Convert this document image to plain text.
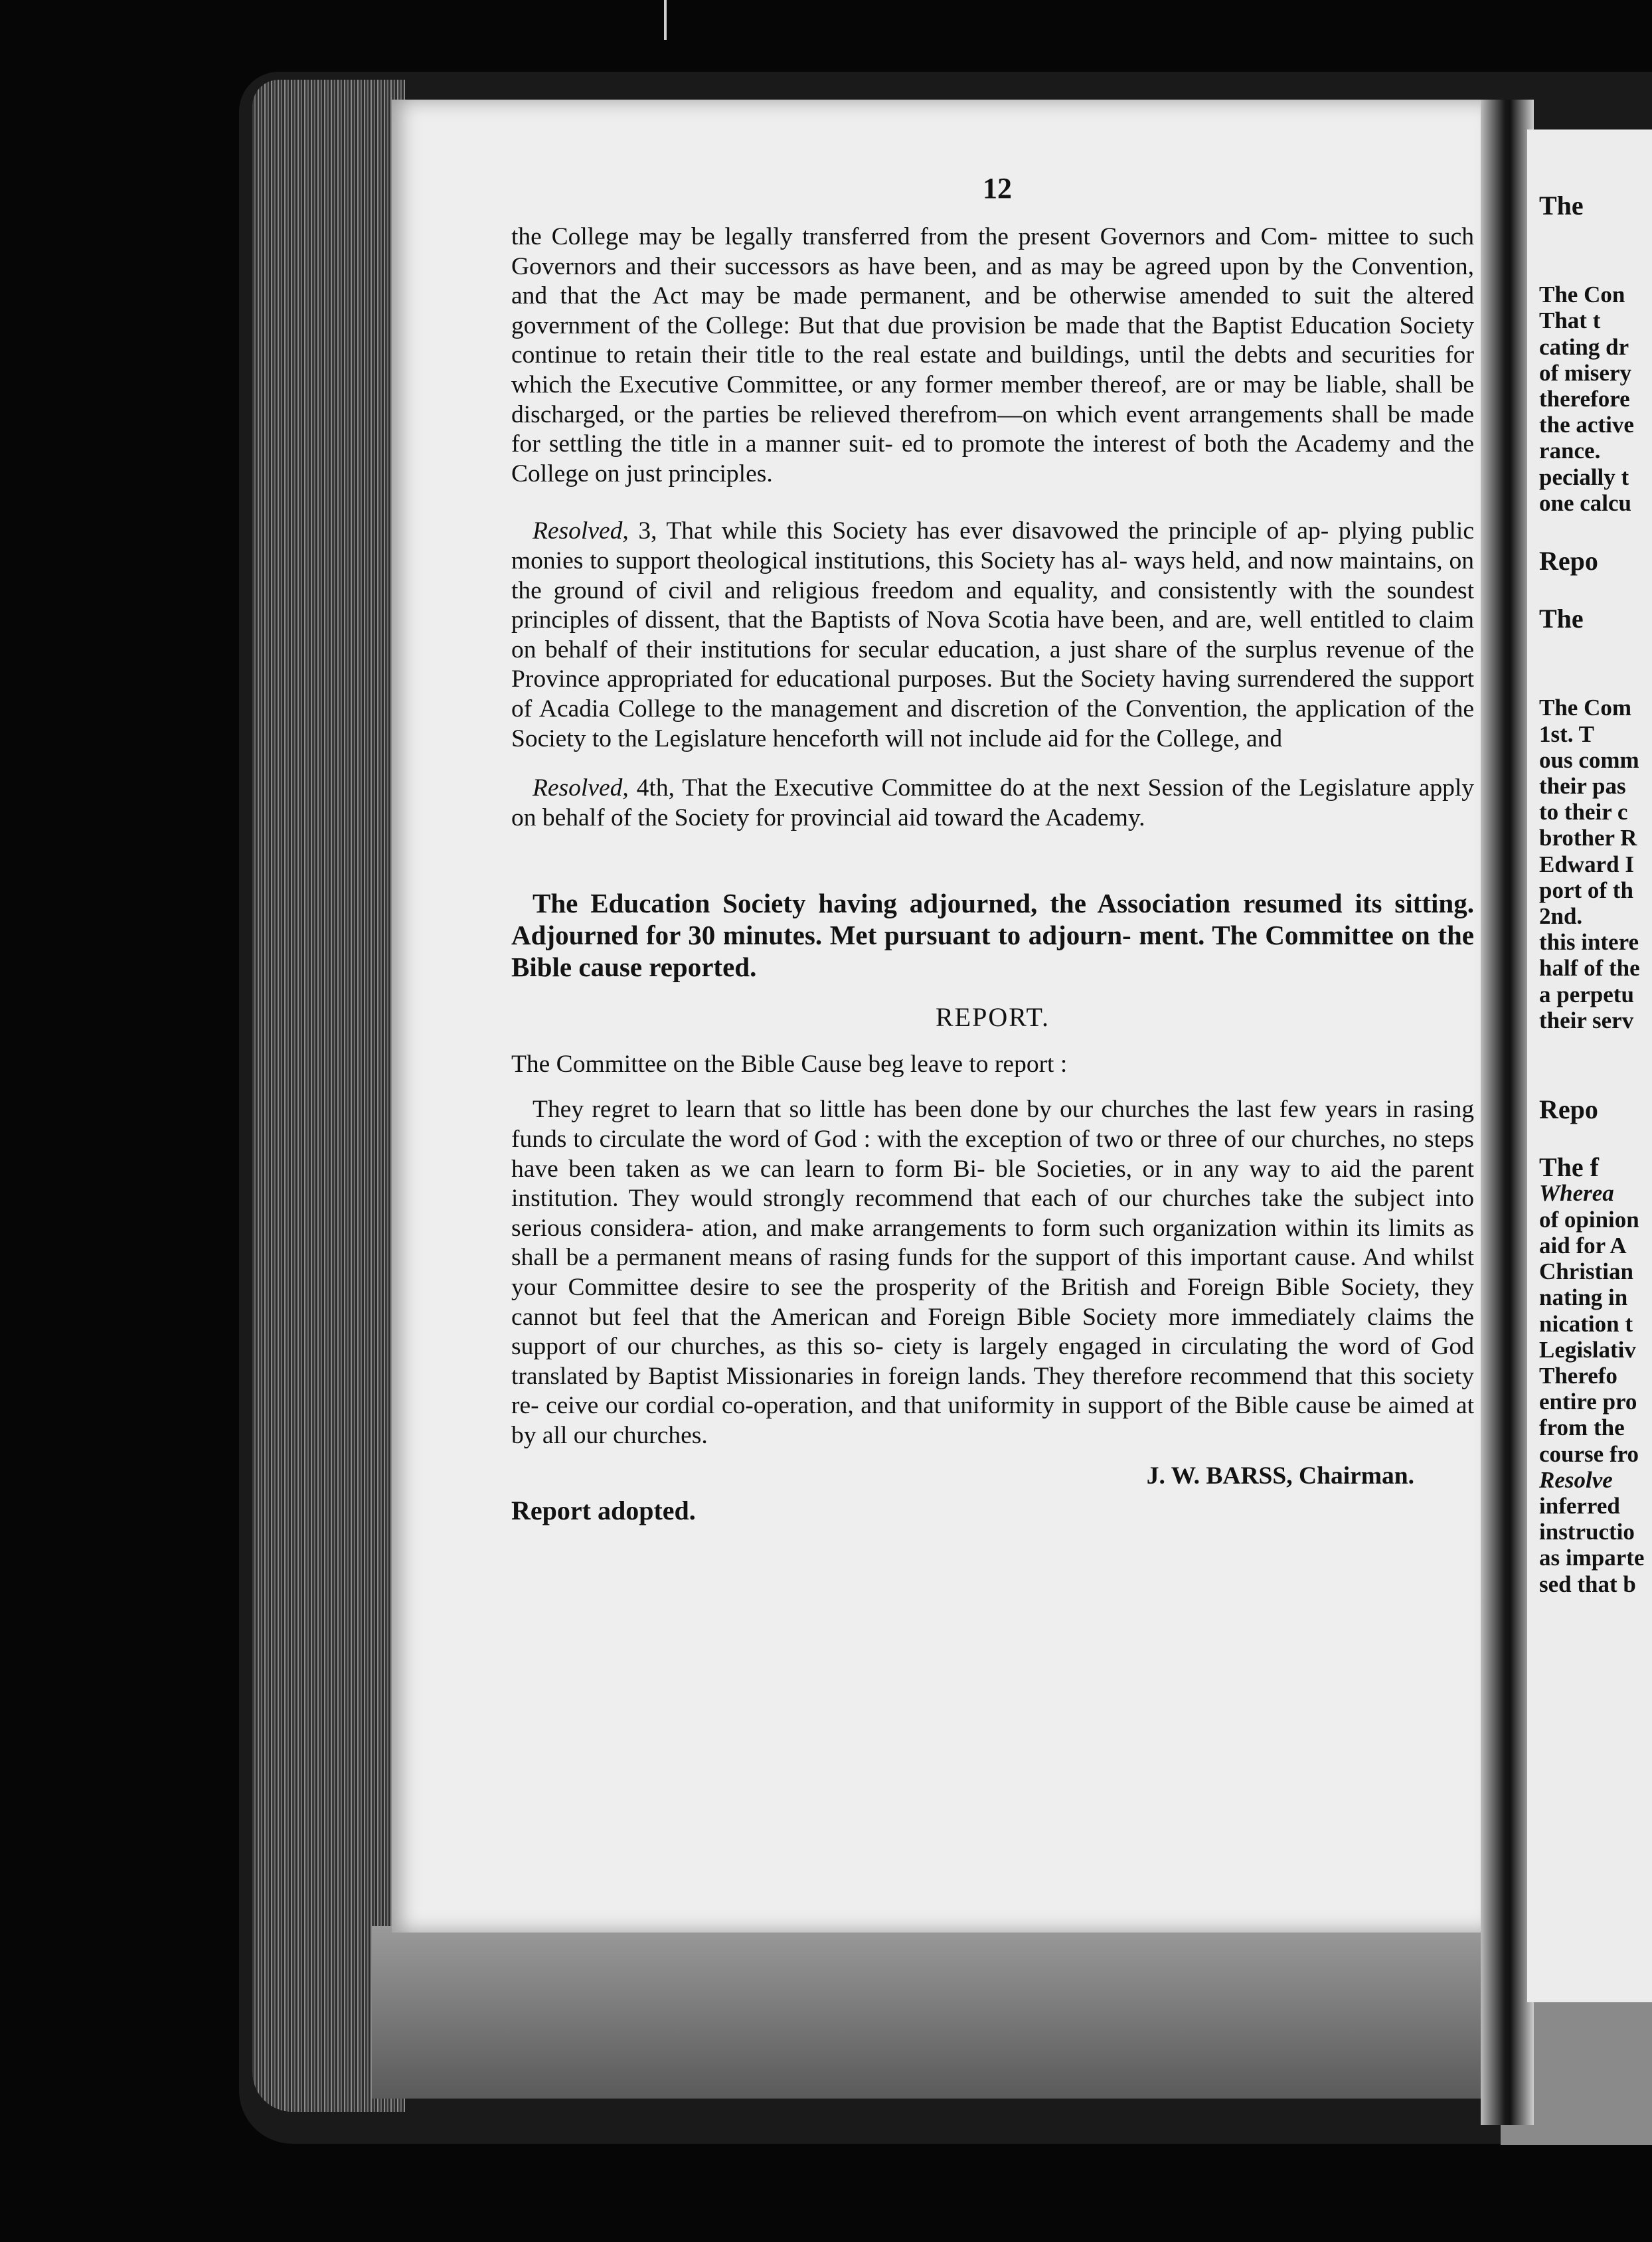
The
The Con
That t
cating dr
of misery
therefore
the active
rance.
pecially t
one calcu
Repo
The
The Com
1st. T
ous comm
their pas
to their c
brother R
Edward I
port of th
2nd.
this intere
half of the
a perpetu
their serv
Repo
The f
Wherea
of opinion
aid for A
Christian
nating in
nication t
Legislativ
Therefo
entire pro
from the
course fro
Resolve
inferred
instructio
as imparte
sed that b
12

the College may be legally transferred from the present Governors and Com- mittee to such Governors and their successors as have been, and as may be agreed upon by the Convention, and that the Act may be made permanent, and be otherwise amended to suit the altered government of the College: But that due provision be made that the Baptist Education Society continue to retain their title to the real estate and buildings, until the debts and securities for which the Executive Committee, or any former member thereof, are or may be liable, shall be discharged, or the parties be relieved therefrom—on which event arrangements shall be made for settling the title in a manner suit- ed to promote the interest of both the Academy and the College on just principles.

Resolved, 3, That while this Society has ever disavowed the principle of ap- plying public monies to support theological institutions, this Society has al- ways held, and now maintains, on the ground of civil and religious freedom and equality, and consistently with the soundest principles of dissent, that the Baptists of Nova Scotia have been, and are, well entitled to claim on behalf of their institutions for secular education, a just share of the surplus revenue of the Province appropriated for educational purposes. But the Society having surrendered the support of Acadia College to the management and discretion of the Convention, the application of the Society to the Legislature henceforth will not include aid for the College, and

Resolved, 4th, That the Executive Committee do at the next Session of the Legislature apply on behalf of the Society for provincial aid toward the Academy.

The Education Society having adjourned, the Association resumed its sitting. Adjourned for 30 minutes. Met pursuant to adjourn- ment. The Committee on the Bible cause reported.

REPORT.

The Committee on the Bible Cause beg leave to report :

They regret to learn that so little has been done by our churches the last few years in rasing funds to circulate the word of God : with the exception of two or three of our churches, no steps have been taken as we can learn to form Bi- ble Societies, or in any way to aid the parent institution. They would strongly recommend that each of our churches take the subject into serious considera- ation, and make arrangements to form such organization within its limits as shall be a permanent means of rasing funds for the support of this important cause. And whilst your Committee desire to see the prosperity of the British and Foreign Bible Society, they cannot but feel that the American and Foreign Bible Society more immediately claims the support of our churches, as this so- ciety is largely engaged in circulating the word of God translated by Baptist Missionaries in foreign lands. They therefore recommend that this society re- ceive our cordial co-operation, and that uniformity in support of the Bible cause be aimed at by all our churches.

J. W. BARSS, Chairman.

Report adopted.
